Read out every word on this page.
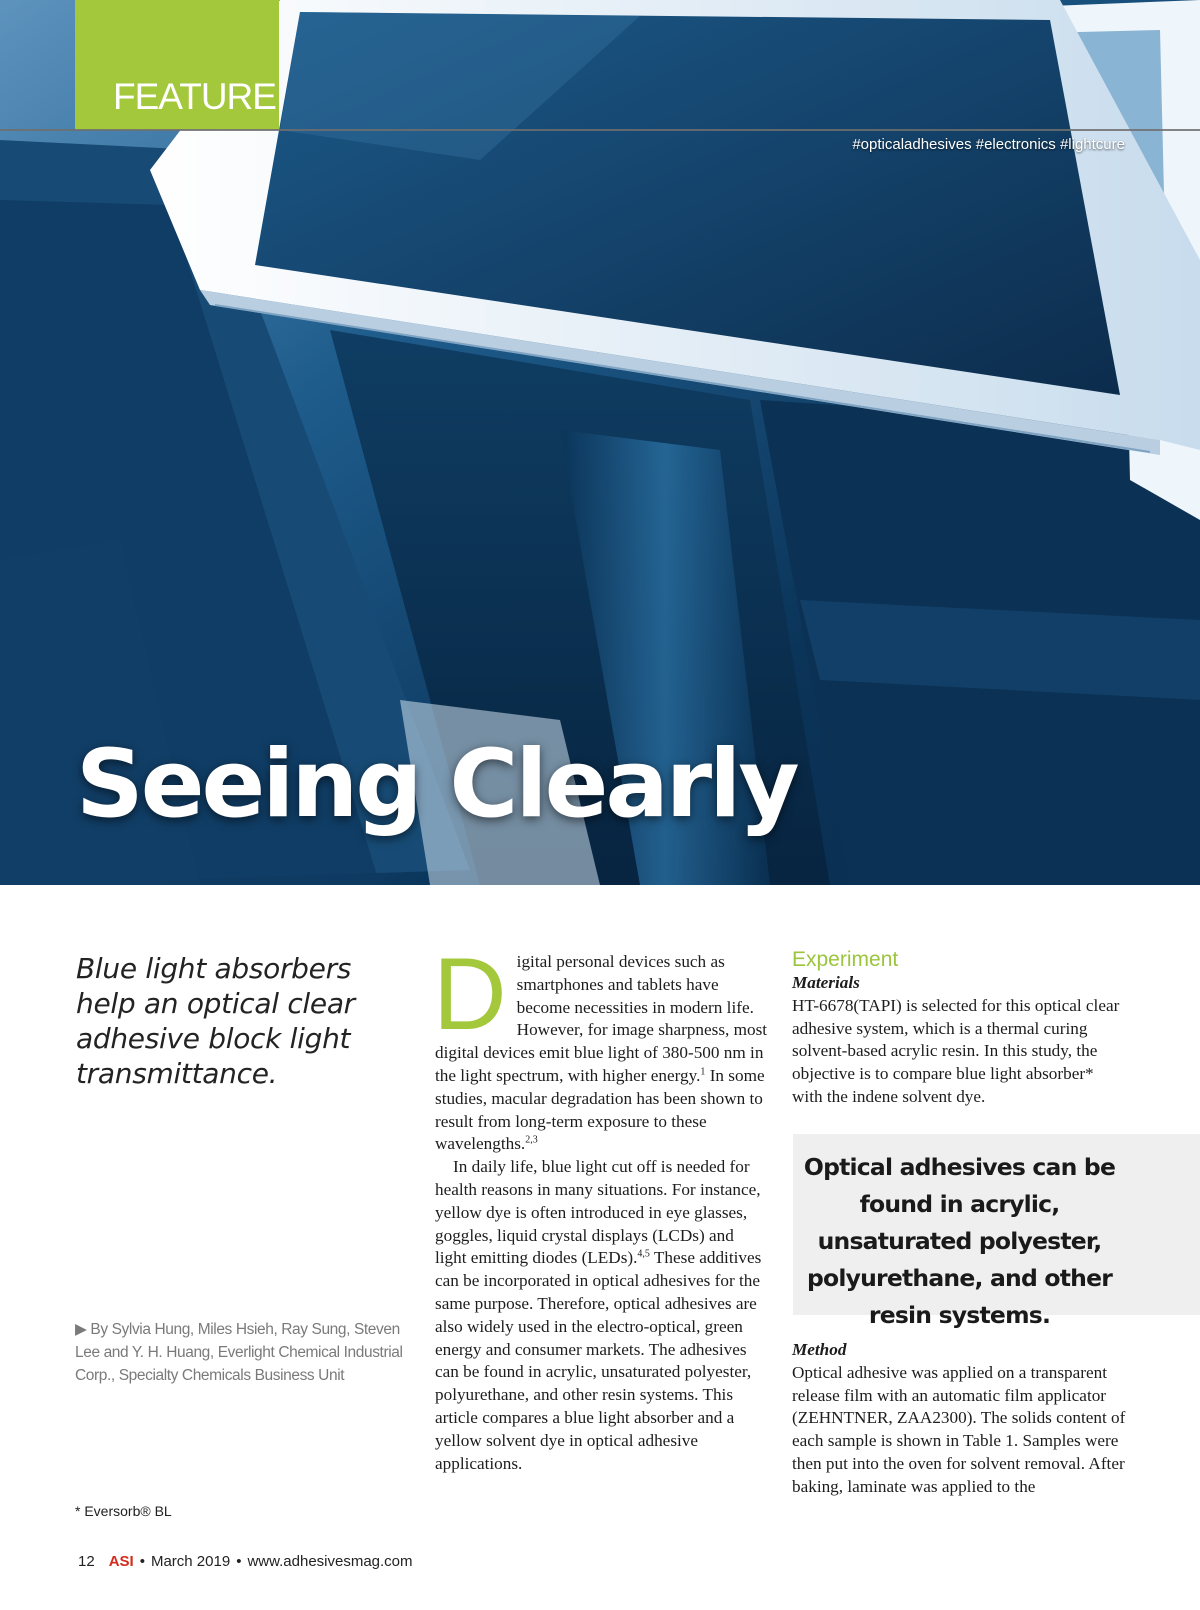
FEATURE
#opticaladhesives #electronics #lightcure
Seeing Clearly
Blue light absorbers help an optical clear adhesive block light transmittance.
▶ By Sylvia Hung, Miles Hsieh, Ray Sung, Steven Lee and Y. H. Huang, Everlight Chemical Industrial Corp., Specialty Chemicals Business Unit
* Eversorb® BL

Digital personal devices such as smartphones and tablets have become necessities in modern life. However, for image sharpness, most digital devices emit blue light of 380-500 nm in the light spectrum, with higher energy.$^1$ In some studies, macular degradation has been shown to result from long-term exposure to these wavelengths.$^{2,3}$

In daily life, blue light cut off is needed for health reasons in many situations. For instance, yellow dye is often introduced in eye glasses, goggles, liquid crystal displays (LCDs) and light emitting diodes (LEDs).$^{4,5}$ These additives can be incorporated in optical adhesives for the same purpose. Therefore, optical adhesives are also widely used in the electro-optical, green energy and consumer markets. The adhesives can be found in acrylic, unsaturated polyester, polyurethane, and other resin systems. This article compares a blue light absorber and a yellow solvent dye in optical adhesive applications.

Experiment

Materials

HT-6678(TAPI) is selected for this optical clear adhesive system, which is a thermal curing solvent-based acrylic resin. In this study, the objective is to compare blue light absorber* with the indene solvent dye.

Optical adhesives can be found in acrylic, unsaturated polyester, polyurethane, and other resin systems.

Method

Optical adhesive was applied on a transparent release film with an automatic film applicator (ZEHNTNER, ZAA2300). The solids content of each sample is shown in Table 1. Samples were then put into the oven for solvent removal. After baking, laminate was applied to the

12 ASI • March 2019 • www.adhesivesmag.com
